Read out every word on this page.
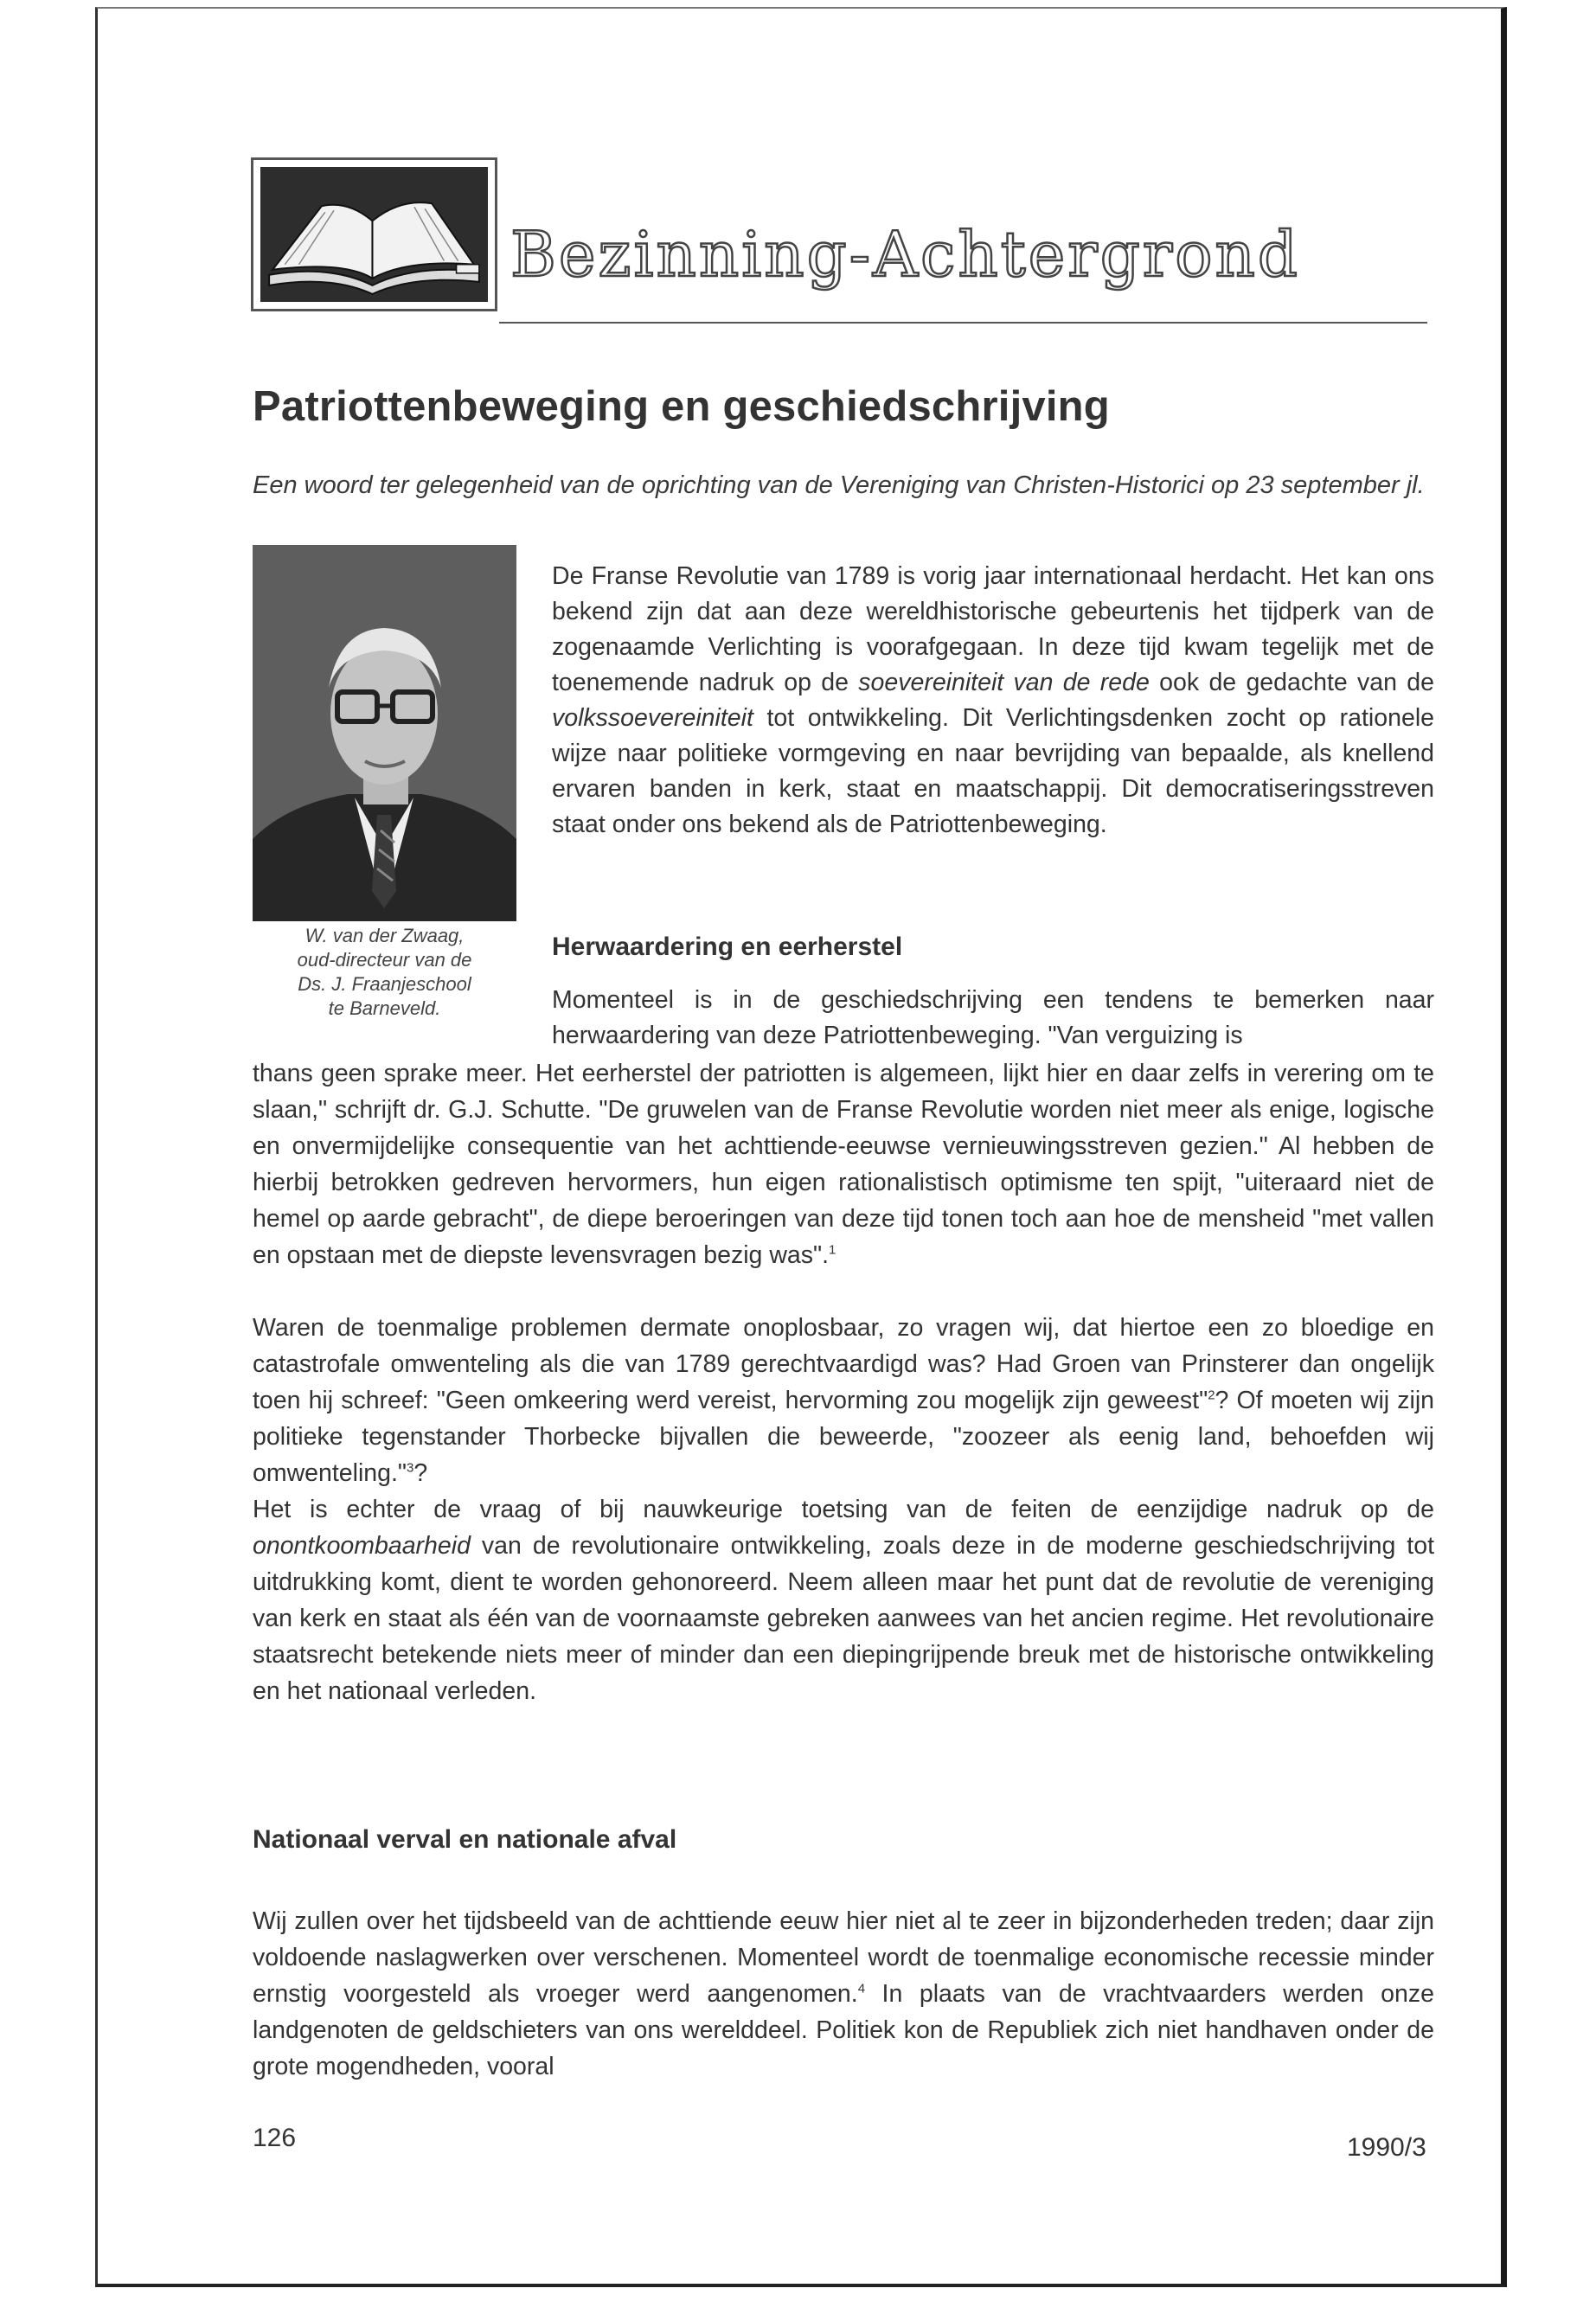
Bezinning-Achtergrond
Patriottenbeweging en geschiedschrijving
Een woord ter gelegenheid van de oprichting van de Vereniging van Christen-Historici op 23 september jl.
W. van der Zwaag,
oud-directeur van de
Ds. J. Fraanjeschool
te Barneveld.

De Franse Revolutie van 1789 is vorig jaar internationaal herdacht. Het kan ons bekend zijn dat aan deze wereldhistorische gebeurtenis het tijdperk van de zogenaamde Verlichting is voorafgegaan. In deze tijd kwam tegelijk met de toenemende nadruk op de soevereiniteit van de rede ook de gedachte van de volkssoevereiniteit tot ontwikkeling. Dit Verlichtingsdenken zocht op rationele wijze naar politieke vormgeving en naar bevrijding van bepaalde, als knellend ervaren banden in kerk, staat en maatschappij. Dit democratiseringsstreven staat onder ons bekend als de Patriottenbeweging.

Herwaardering en eerherstel
Momenteel is in de geschiedschrijving een tendens te bemerken naar herwaardering van deze Patriottenbeweging. "Van verguizing is

thans geen sprake meer. Het eerherstel der patriotten is algemeen, lijkt hier en daar zelfs in verering om te slaan," schrijft dr. G.J. Schutte. "De gruwelen van de Franse Revolutie worden niet meer als enige, logische en onvermijdelijke consequentie van het achttiende-eeuwse vernieuwingsstreven gezien." Al hebben de hierbij betrokken gedreven hervormers, hun eigen rationalistisch optimisme ten spijt, "uiteraard niet de hemel op aarde gebracht", de diepe beroeringen van deze tijd tonen toch aan hoe de mensheid "met vallen en opstaan met de diepste levensvragen bezig was".$^1$

Waren de toenmalige problemen dermate onoplosbaar, zo vragen wij, dat hiertoe een zo bloedige en catastrofale omwenteling als die van 1789 gerechtvaardigd was? Had Groen van Prinsterer dan ongelijk toen hij schreef: "Geen omkeering werd vereist, hervorming zou mogelijk zijn geweest"$^2$? Of moeten wij zijn politieke tegenstander Thorbecke bijvallen die beweerde, "zoozeer als eenig land, behoefden wij omwenteling."$^3$?

Het is echter de vraag of bij nauwkeurige toetsing van de feiten de eenzijdige nadruk op de onontkoombaarheid van de revolutionaire ontwikkeling, zoals deze in de moderne geschiedschrijving tot uitdrukking komt, dient te worden gehonoreerd. Neem alleen maar het punt dat de revolutie de vereniging van kerk en staat als één van de voornaamste gebreken aanwees van het ancien regime. Het revolutionaire staatsrecht betekende niets meer of minder dan een diepingrijpende breuk met de historische ontwikkeling en het nationaal verleden.

Nationaal verval en nationale afval

Wij zullen over het tijdsbeeld van de achttiende eeuw hier niet al te zeer in bijzonderheden treden; daar zijn voldoende naslagwerken over verschenen. Momenteel wordt de toenmalige economische recessie minder ernstig voorgesteld als vroeger werd aangenomen.$^4$ In plaats van de vrachtvaarders werden onze landgenoten de geldschieters van ons werelddeel. Politiek kon de Republiek zich niet handhaven onder de grote mogendheden, vooral

126	1990/3
